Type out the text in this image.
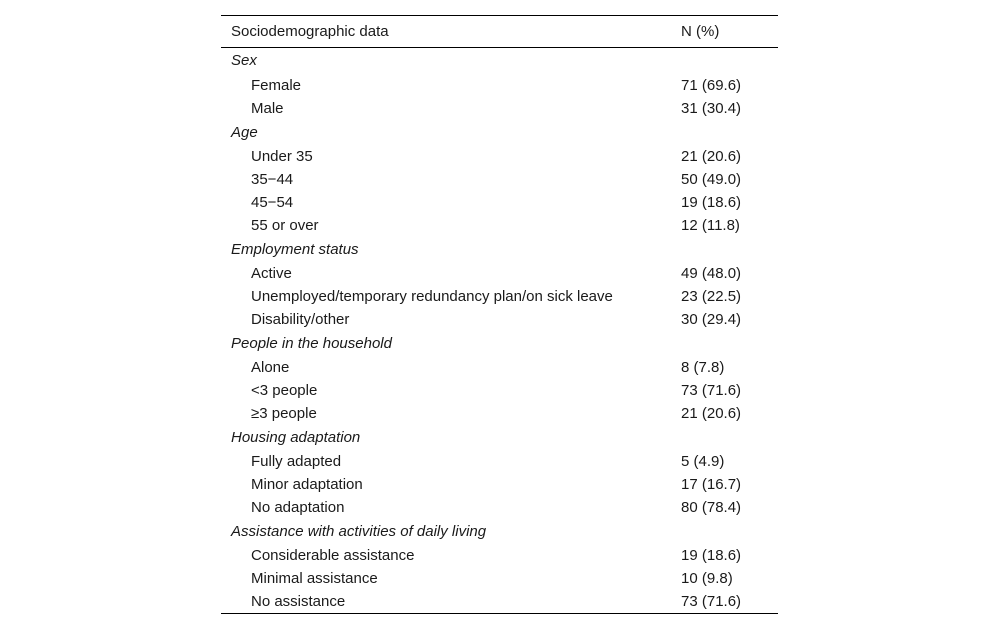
Sociodemographic data	N (%)
Sex	
Female	71 (69.6)
Male	31 (30.4)
Age	
Under 35	21 (20.6)
35−44	50 (49.0)
45−54	19 (18.6)
55 or over	12 (11.8)
Employment status	
Active	49 (48.0)
Unemployed/temporary redundancy plan/on sick leave	23 (22.5)
Disability/other	30 (29.4)
People in the household	
Alone	8 (7.8)
<3 people	73 (71.6)
≥3 people	21 (20.6)
Housing adaptation	
Fully adapted	5 (4.9)
Minor adaptation	17 (16.7)
No adaptation	80 (78.4)
Assistance with activities of daily living	
Considerable assistance	19 (18.6)
Minimal assistance	10 (9.8)
No assistance	73 (71.6)
